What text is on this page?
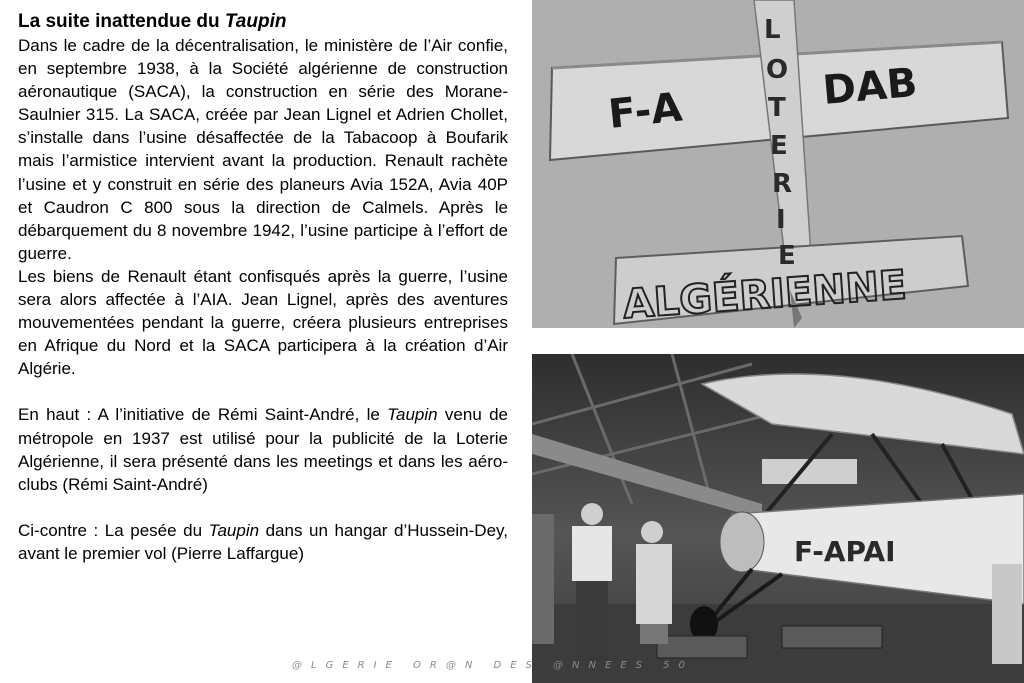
La suite inattendue du Taupin

Dans le cadre de la décentralisation, le ministère de l’Air confie, en septembre 1938, à la Société algérienne de construction aéronautique (SACA), la construction en série des Morane-Saulnier 315. La SACA, créée par Jean Lignel et Adrien Chollet, s’installe dans l’usine désaffectée de la Tabacoop à Boufarik mais l’armistice intervient avant la production. Renault rachète l’usine et y construit en série des planeurs Avia 152A, Avia 40P et Caudron C 800 sous la direction de Calmels. Après le débarquement du 8 novembre 1942, l’usine participe à l’effort de guerre.

Les biens de Renault étant confisqués après la guerre, l’usine sera alors affectée à l’AIA. Jean Lignel, après des aventures mouvementées pendant la guerre, créera plusieurs entreprises en Afrique du Nord et la SACA participera à la création d’Air Algérie.

En haut : A l’initiative de Rémi Saint-André, le Taupin venu de métropole en 1937 est utilisé pour la publicité de la Loterie Algérienne, il sera présenté dans les meetings et dans les aéro-clubs (Rémi Saint-André)

Ci-contre : La pesée du Taupin dans un hangar d’Hussein-Dey, avant le premier vol (Pierre Laffargue)

F-A	DAB
L
O
T
E
R
I
E
ALGÉRIENNE
F-APAI
@LGERIE OR@N DES @NNEES 50
